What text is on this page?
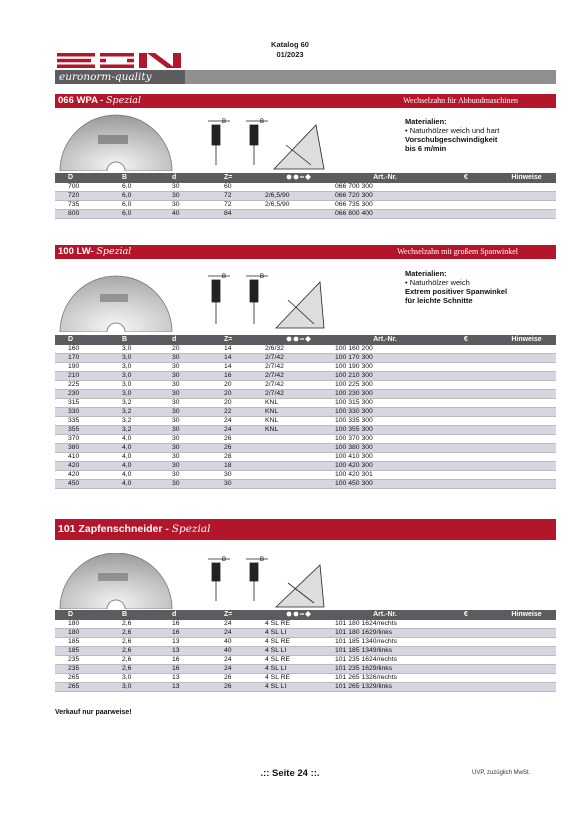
Katalog 60
01/2023
euronorm-quality
066 WPA - Spezial	Wechselzahn für Abbundmaschinen
B	B	Materialien:
• Naturhölzer weich und hart
Vorschubgeschwindigkeit
bis 6 m/min
D	B	d	Z=		Art.-Nr.	€	Hinweise
700	6,0	30	60		066 700 300		
720	6,0	30	72	2/6,5/90	066 720 300		
735	6,0	30	72	2/6,5/90	066 735 300		
800	6,0	40	84		066 800 400		
100 LW- Spezial	Wechselzahn mit großem Spanwinkel
B	B	Materialien:
• Naturhölzer weich
Extrem positiver Spanwinkel
für leichte Schnitte
D	B	d	Z=		Art.-Nr.	€	Hinweise
160	3,0	20	14	2/6/32	100 160 200		
170	3,0	30	14	2/7/42	100 170 300		
190	3,0	30	14	2/7/42	100 190 300		
210	3,0	30	16	2/7/42	100 210 300		
225	3,0	30	20	2/7/42	100 225 300		
230	3,0	30	20	2/7/42	100 230 300		
315	3,2	30	20	KNL	100 315 300		
330	3,2	30	22	KNL	100 330 300		
335	3,2	30	24	KNL	100 335 300		
355	3,2	30	24	KNL	100 355 300		
370	4,0	30	26		100 370 300		
380	4,0	30	26		100 380 300		
410	4,0	30	28		100 410 300		
420	4,0	30	18		100 420 300		
420	4,0	30	30		100 420 301		
450	4,0	30	30		100 450 300		
101 Zapfenschneider - Spezial
B	B
D	B	d	Z=		Art.-Nr.	€	Hinweise
180	2,6	16	24	4 SL RE	101 180 1624/rechts		
180	2,6	16	24	4 SL LI	101 180 1629/links		
185	2,6	13	40	4 SL RE	101 185 1340/rechts		
185	2,6	13	40	4 SL LI	101 185 1349/links		
235	2,6	16	24	4 SL RE	101 235 1624/rechts		
235	2,6	16	24	4 SL LI	101 235 1629/links		
265	3,0	13	26	4 SL RE	101 265 1326/rechts		
265	3,0	13	26	4 SL LI	101 265 1329/links		
Verkauf nur paarweise!
.:: Seite 24 ::.	UVP, zuzüglich MwSt.
